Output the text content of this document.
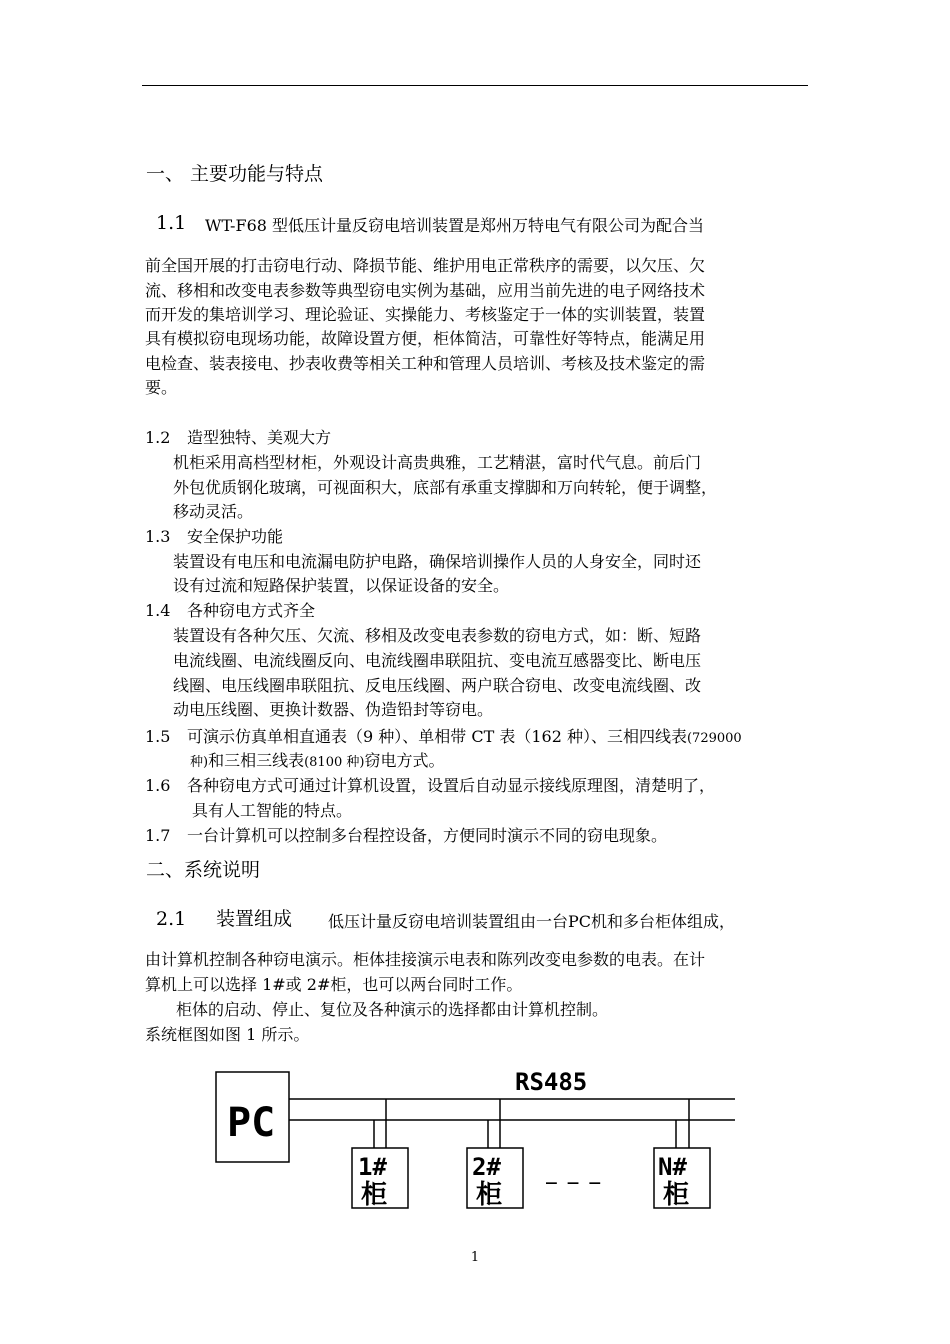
一、 主要功能与特点
1.1 WT-F68 型低压计量反窃电培训装置是郑州万特电气有限公司为配合当
前全国开展的打击窃电行动、降损节能、维护用电正常秩序的需要，以欠压、欠
流、移相和改变电表参数等典型窃电实例为基础，应用当前先进的电子网络技术
而开发的集培训学习、理论验证、实操能力、考核鉴定于一体的实训装置，装置
具有模拟窃电现场功能，故障设置方便，柜体简洁，可靠性好等特点，能满足用
电检查、装表接电、抄表收费等相关工种和管理人员培训、考核及技术鉴定的需
要。
1.2 造型独特、美观大方
机柜采用高档型材柜，外观设计高贵典雅，工艺精湛，富时代气息。前后门
外包优质钢化玻璃，可视面积大，底部有承重支撑脚和万向转轮，便于调整，
移动灵活。
1.3 安全保护功能
装置设有电压和电流漏电防护电路，确保培训操作人员的人身安全，同时还
设有过流和短路保护装置，以保证设备的安全。
1.4 各种窃电方式齐全
装置设有各种欠压、欠流、移相及改变电表参数的窃电方式，如：断、短路
电流线圈、电流线圈反向、电流线圈串联阻抗、变电流互感器变比、断电压
线圈、电压线圈串联阻抗、反电压线圈、两户联合窃电、改变电流线圈、改
动电压线圈、更换计数器、伪造铅封等窃电。
1.5 可演示仿真单相直通表（9 种）、单相带 CT 表（162 种）、三相四线表(729000
种)和三相三线表(8100 种)窃电方式。
1.6 各种窃电方式可通过计算机设置，设置后自动显示接线原理图，清楚明了，
具有人工智能的特点。
1.7 一台计算机可以控制多台程控设备，方便同时演示不同的窃电现象。
二、系统说明
2.1 装置组成 低压计量反窃电培训装置组由一台PC机和多台柜体组成，
由计算机控制各种窃电演示。柜体挂接演示电表和陈列改变电参数的电表。在计
算机上可以选择 1#或 2#柜，也可以两台同时工作。
柜体的启动、停止、复位及各种演示的选择都由计算机控制。
系统框图如图 1 所示。
RS485
PC
1#
柜
2#
柜
_ _ _ N#
柜
1
